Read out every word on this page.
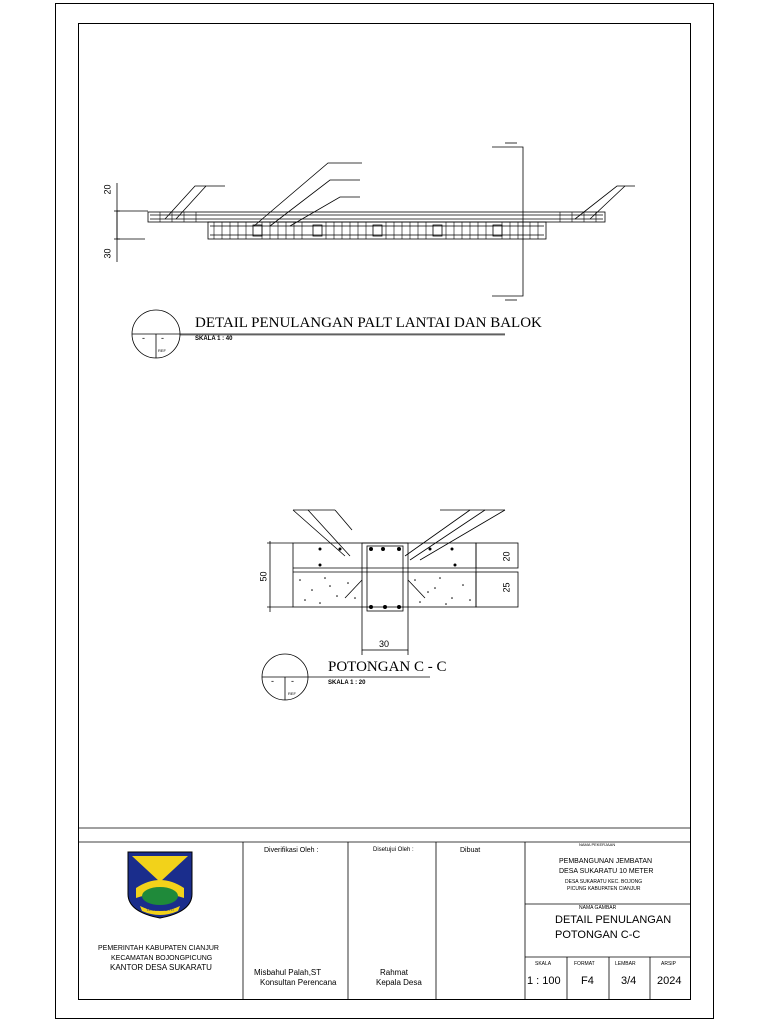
20
30
DETAIL PENULANGAN PALT LANTAI DAN BALOK
SKALA 1 : 40
- -
REF
50
20
25
30
POTONGAN C - C
SKALA 1 : 20
- -
REF
TEGUH MUKTI
PEMERINTAH KABUPATEN CIANJUR
KECAMATAN BOJONGPICUNG
KANTOR DESA SUKARATU
Diverifikasi Oleh :
Misbahul Palah,ST
Konsultan Perencana
Disetujui Oleh :
Rahmat
Kepala Desa
Dibuat
NAMA PEKERJAAN
PEMBANGUNAN JEMBATAN
DESA SUKARATU 10 METER
DESA SUKARATU KEC. BOJONG
PICUNG KABUPATEN CIANJUR
NAMA GAMBAR
DETAIL PENULANGAN
POTONGAN C-C
SKALA
1 : 100
FORMAT
F4
LEMBAR
3/4
ARSIP
2024
